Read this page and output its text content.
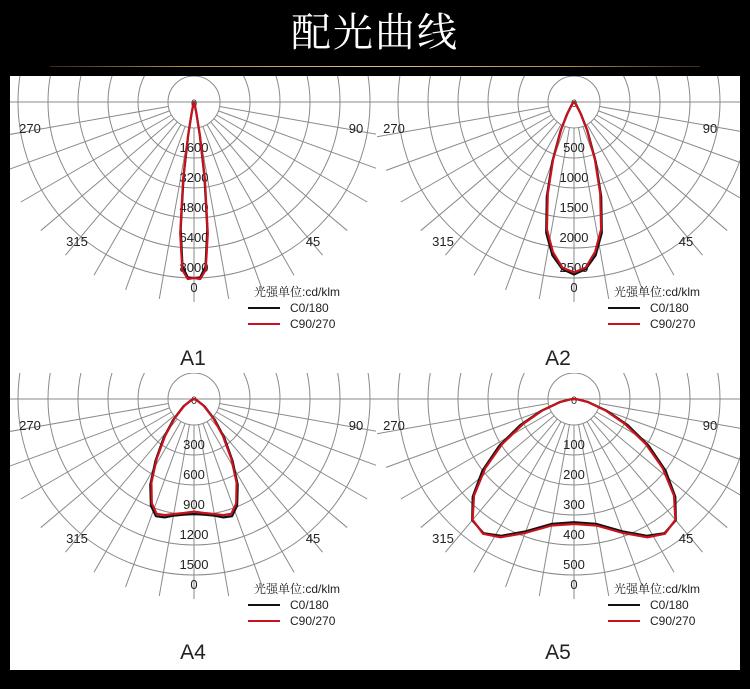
配光曲线
0
270	90
315	45
0
1600
3200
4800
6400
8000
光强单位:cd/klm
C0/180
C90/270
A1
0
270	90
315	45
0
500
1000
1500
2000
2500
光强单位:cd/klm
C0/180
C90/270
A2
0
270	90
315	45
0
300
600
900
1200
1500
光强单位:cd/klm
C0/180
C90/270
A4
0
270	90
315	45
0
100
200
300
400
500
光强单位:cd/klm
C0/180
C90/270
A5
